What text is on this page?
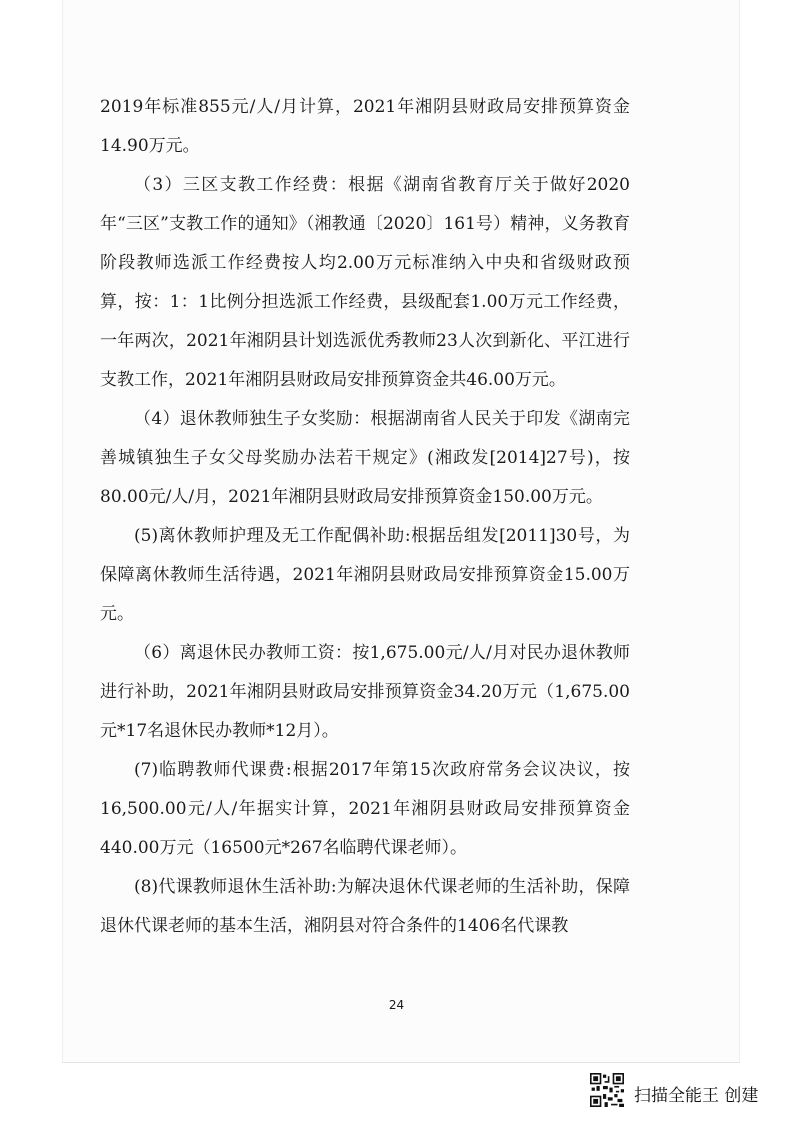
2019年标准855元/人/月计算，2021年湘阴县财政局安排预算资金14.90万元。

（3）三区支教工作经费：根据《湖南省教育厅关于做好2020年“三区”支教工作的通知》（湘教通〔2020〕161号）精神，义务教育阶段教师选派工作经费按人均2.00万元标准纳入中央和省级财政预算，按：1：1比例分担选派工作经费，县级配套1.00万元工作经费，一年两次，2021年湘阴县计划选派优秀教师23人次到新化、平江进行支教工作，2021年湘阴县财政局安排预算资金共46.00万元。

（4）退休教师独生子女奖励：根据湖南省人民关于印发《湖南完善城镇独生子女父母奖励办法若干规定》(湘政发[2014]27号)，按80.00元/人/月，2021年湘阴县财政局安排预算资金150.00万元。

(5)离休教师护理及无工作配偶补助:根据岳组发[2011]30号，为保障离休教师生活待遇，2021年湘阴县财政局安排预算资金15.00万元。

（6）离退休民办教师工资：按1,675.00元/人/月对民办退休教师进行补助，2021年湘阴县财政局安排预算资金34.20万元（1,675.00元*17名退休民办教师*12月）。

(7)临聘教师代课费:根据2017年第15次政府常务会议决议，按16,500.00元/人/年据实计算，2021年湘阴县财政局安排预算资金440.00万元（16500元*267名临聘代课老师）。

(8)代课教师退休生活补助:为解决退休代课老师的生活补助，保障退休代课老师的基本生活，湘阴县对符合条件的1406名代课教

24
扫描全能王 创建
